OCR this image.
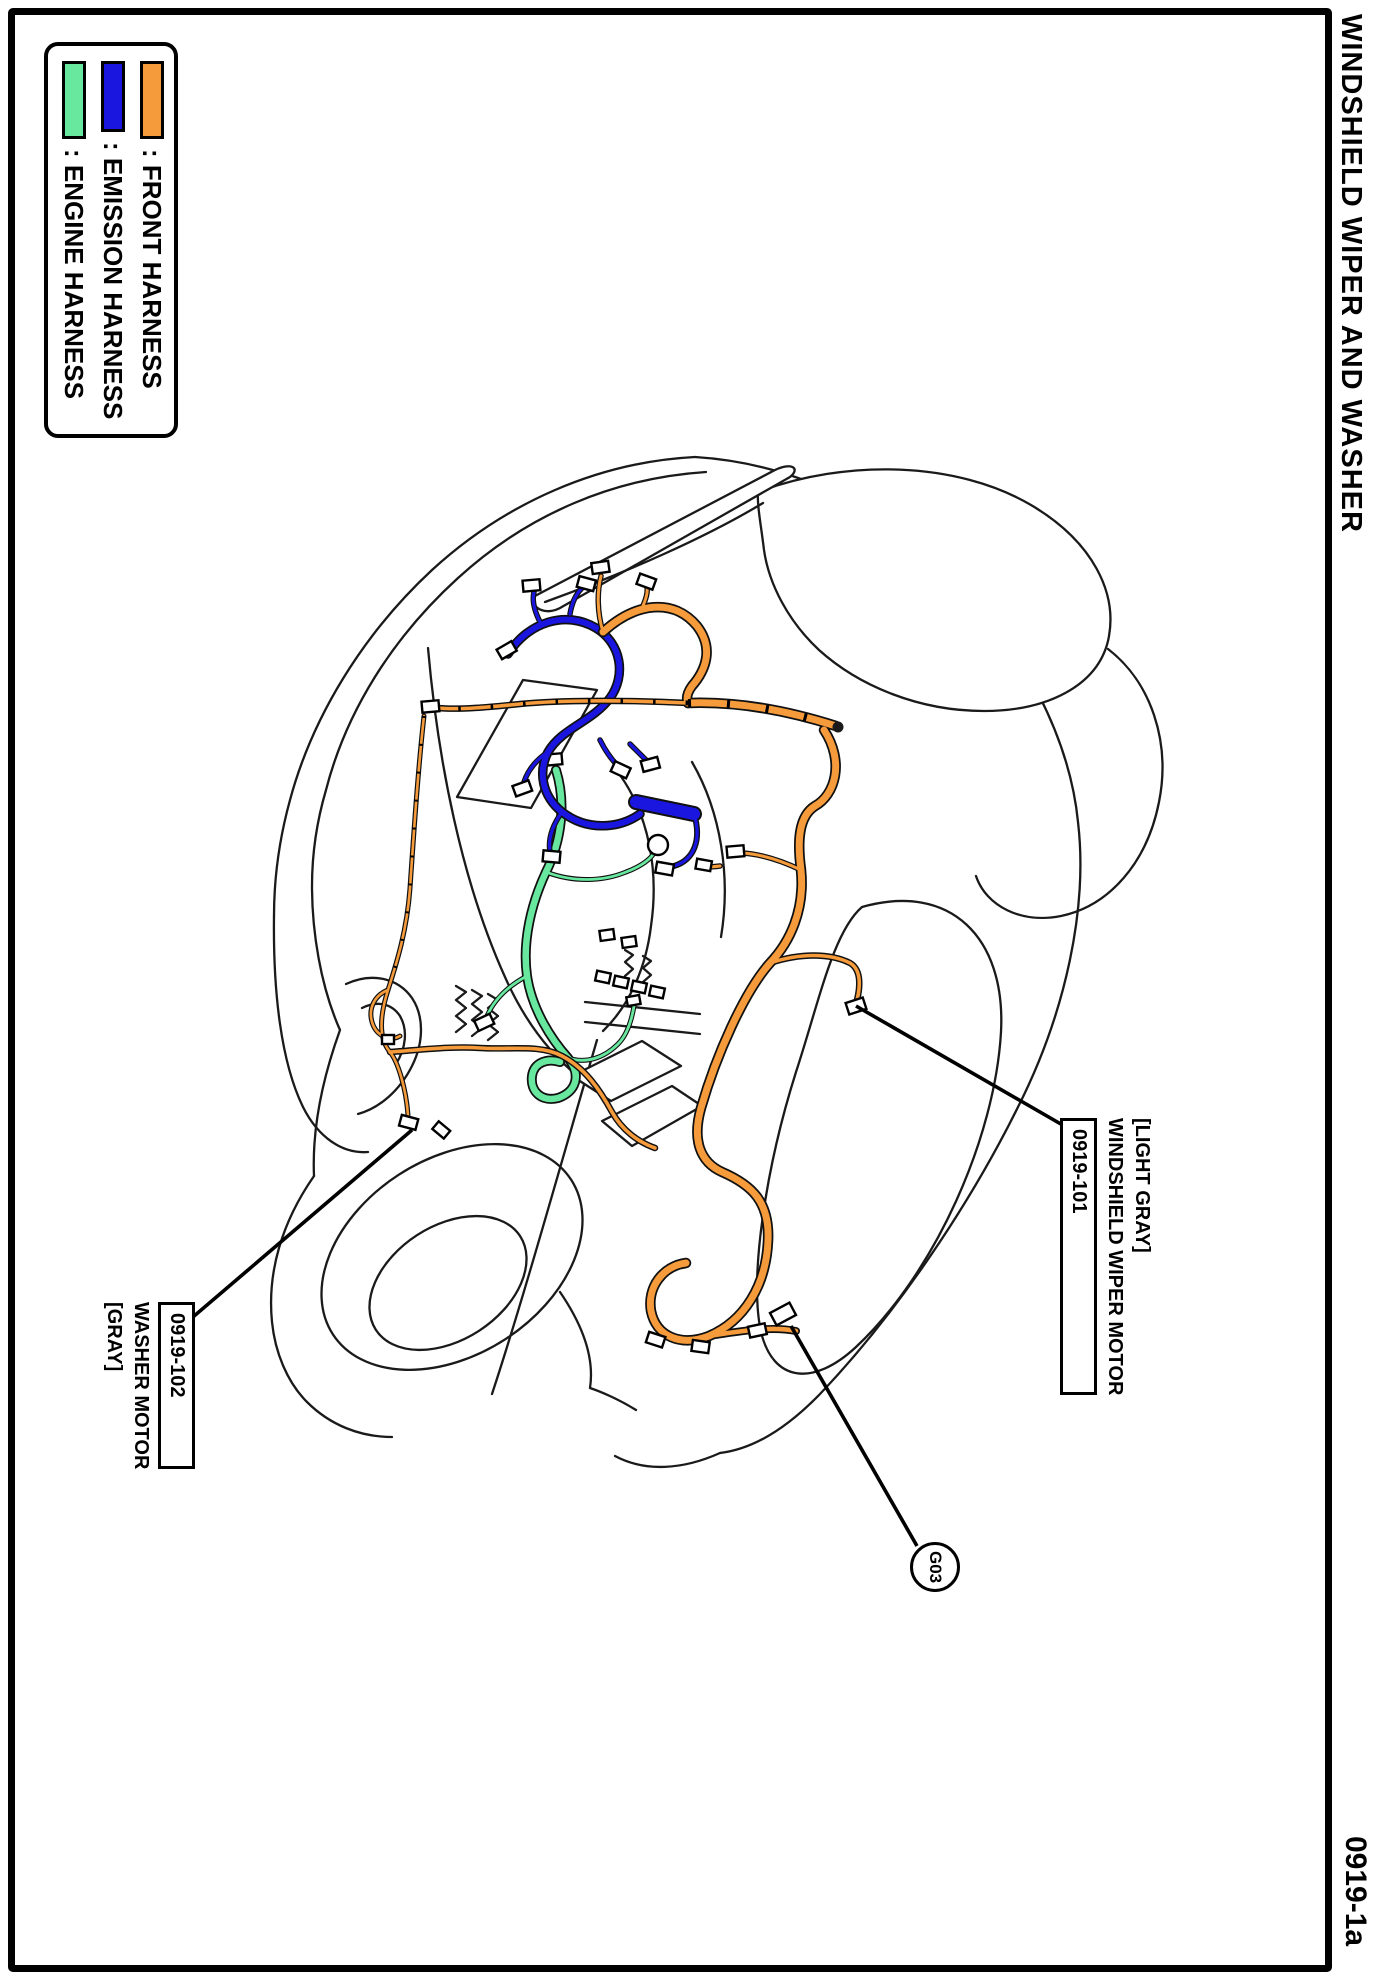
WINDSHIELD WIPER AND WASHER
0919-1a
: ENGINE HARNESS : EMISSION HARNESS : FRONT HARNESS
0919-102
WASHER MOTOR
[GRAY]
[LIGHT GRAY]
WINDSHIELD WIPER MOTOR
0919-101
G03
